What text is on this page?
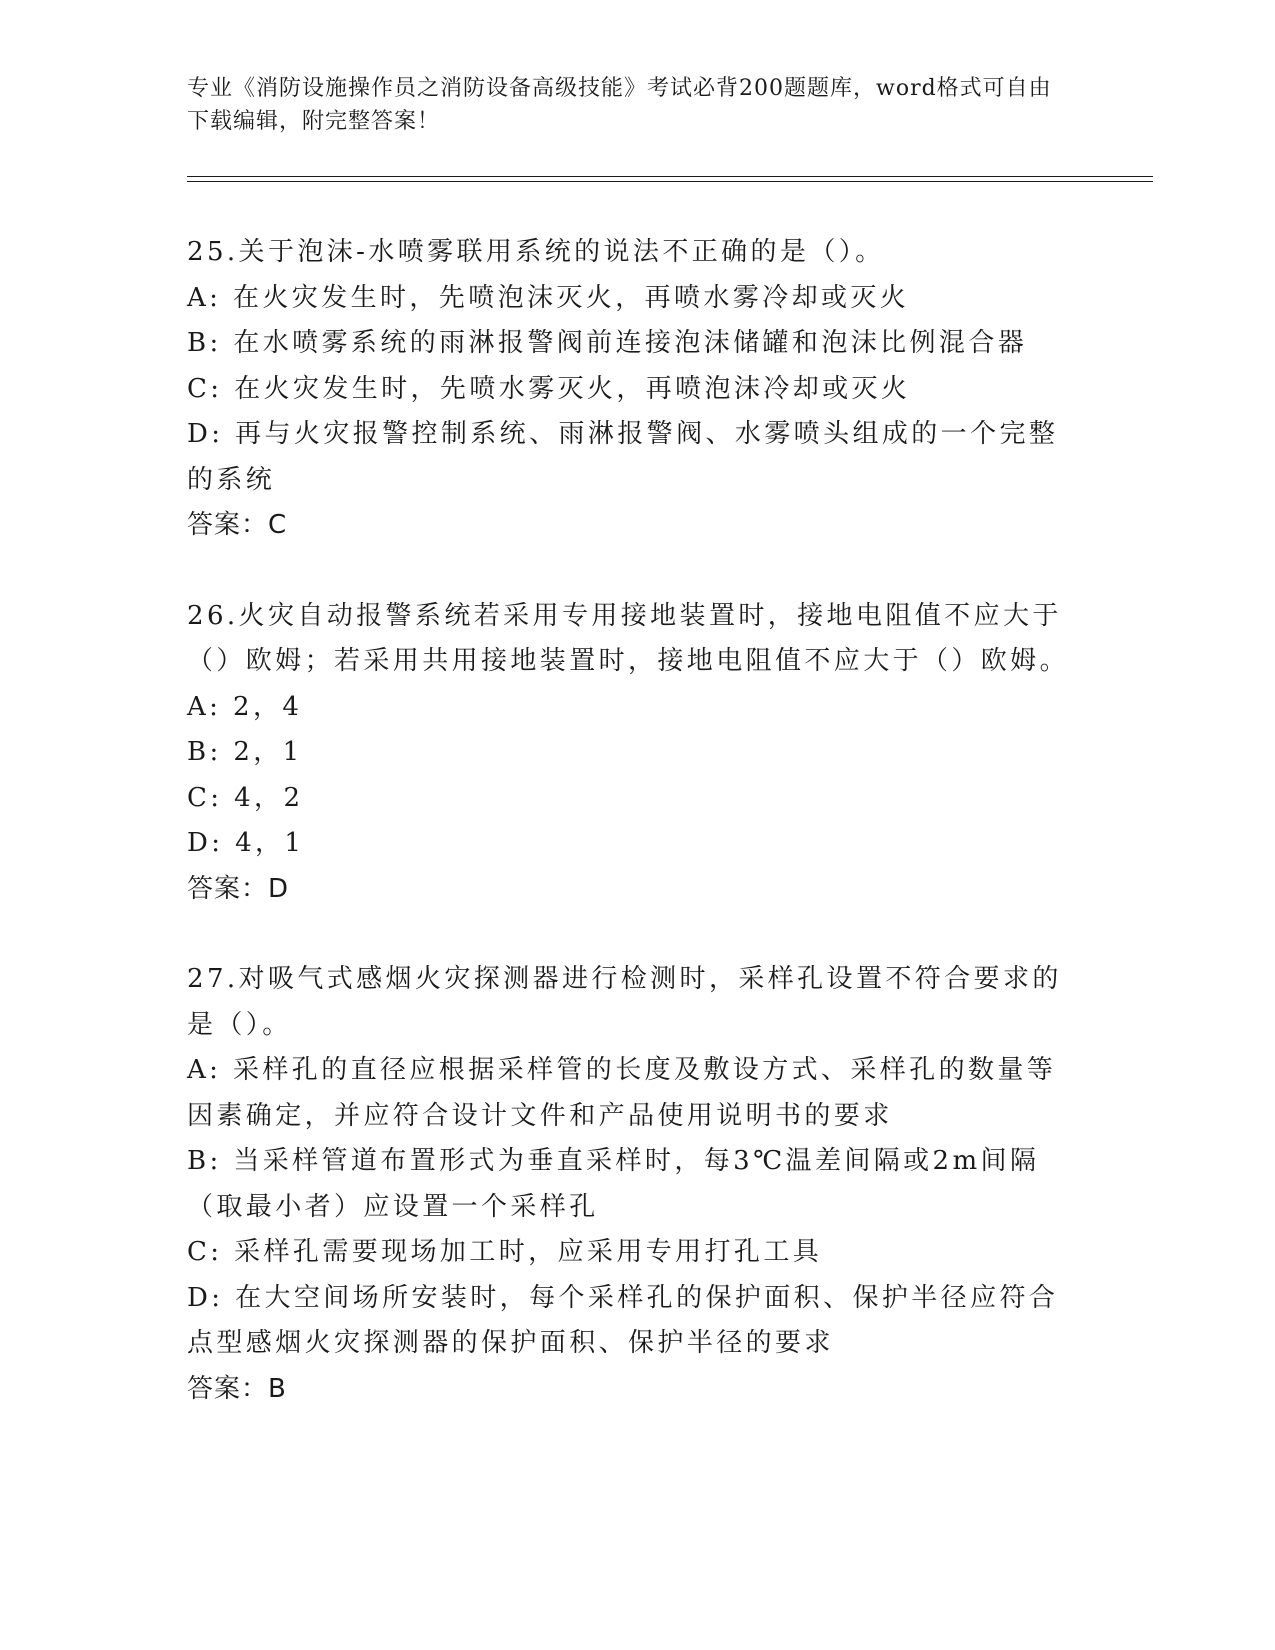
专业《消防设施操作员之消防设备高级技能》考试必背200题题库，word格式可自由下载编辑，附完整答案！

25.关于泡沫-水喷雾联用系统的说法不正确的是（）。

A: 在火灾发生时，先喷泡沫灭火，再喷水雾冷却或灭火

B: 在水喷雾系统的雨淋报警阀前连接泡沫储罐和泡沫比例混合器

C: 在火灾发生时，先喷水雾灭火，再喷泡沫冷却或灭火

D: 再与火灾报警控制系统、雨淋报警阀、水雾喷头组成的一个完整的系统

答案：C

26.火灾自动报警系统若采用专用接地装置时，接地电阻值不应大于（）欧姆；若采用共用接地装置时，接地电阻值不应大于（）欧姆。

A: 2，4

B: 2，1

C: 4，2

D: 4，1

答案：D

27.对吸气式感烟火灾探测器进行检测时，采样孔设置不符合要求的是（）。

A: 采样孔的直径应根据采样管的长度及敷设方式、采样孔的数量等因素确定，并应符合设计文件和产品使用说明书的要求

B: 当采样管道布置形式为垂直采样时，每3℃温差间隔或2m间隔（取最小者）应设置一个采样孔

C: 采样孔需要现场加工时，应采用专用打孔工具

D: 在大空间场所安装时，每个采样孔的保护面积、保护半径应符合点型感烟火灾探测器的保护面积、保护半径的要求

答案：B
